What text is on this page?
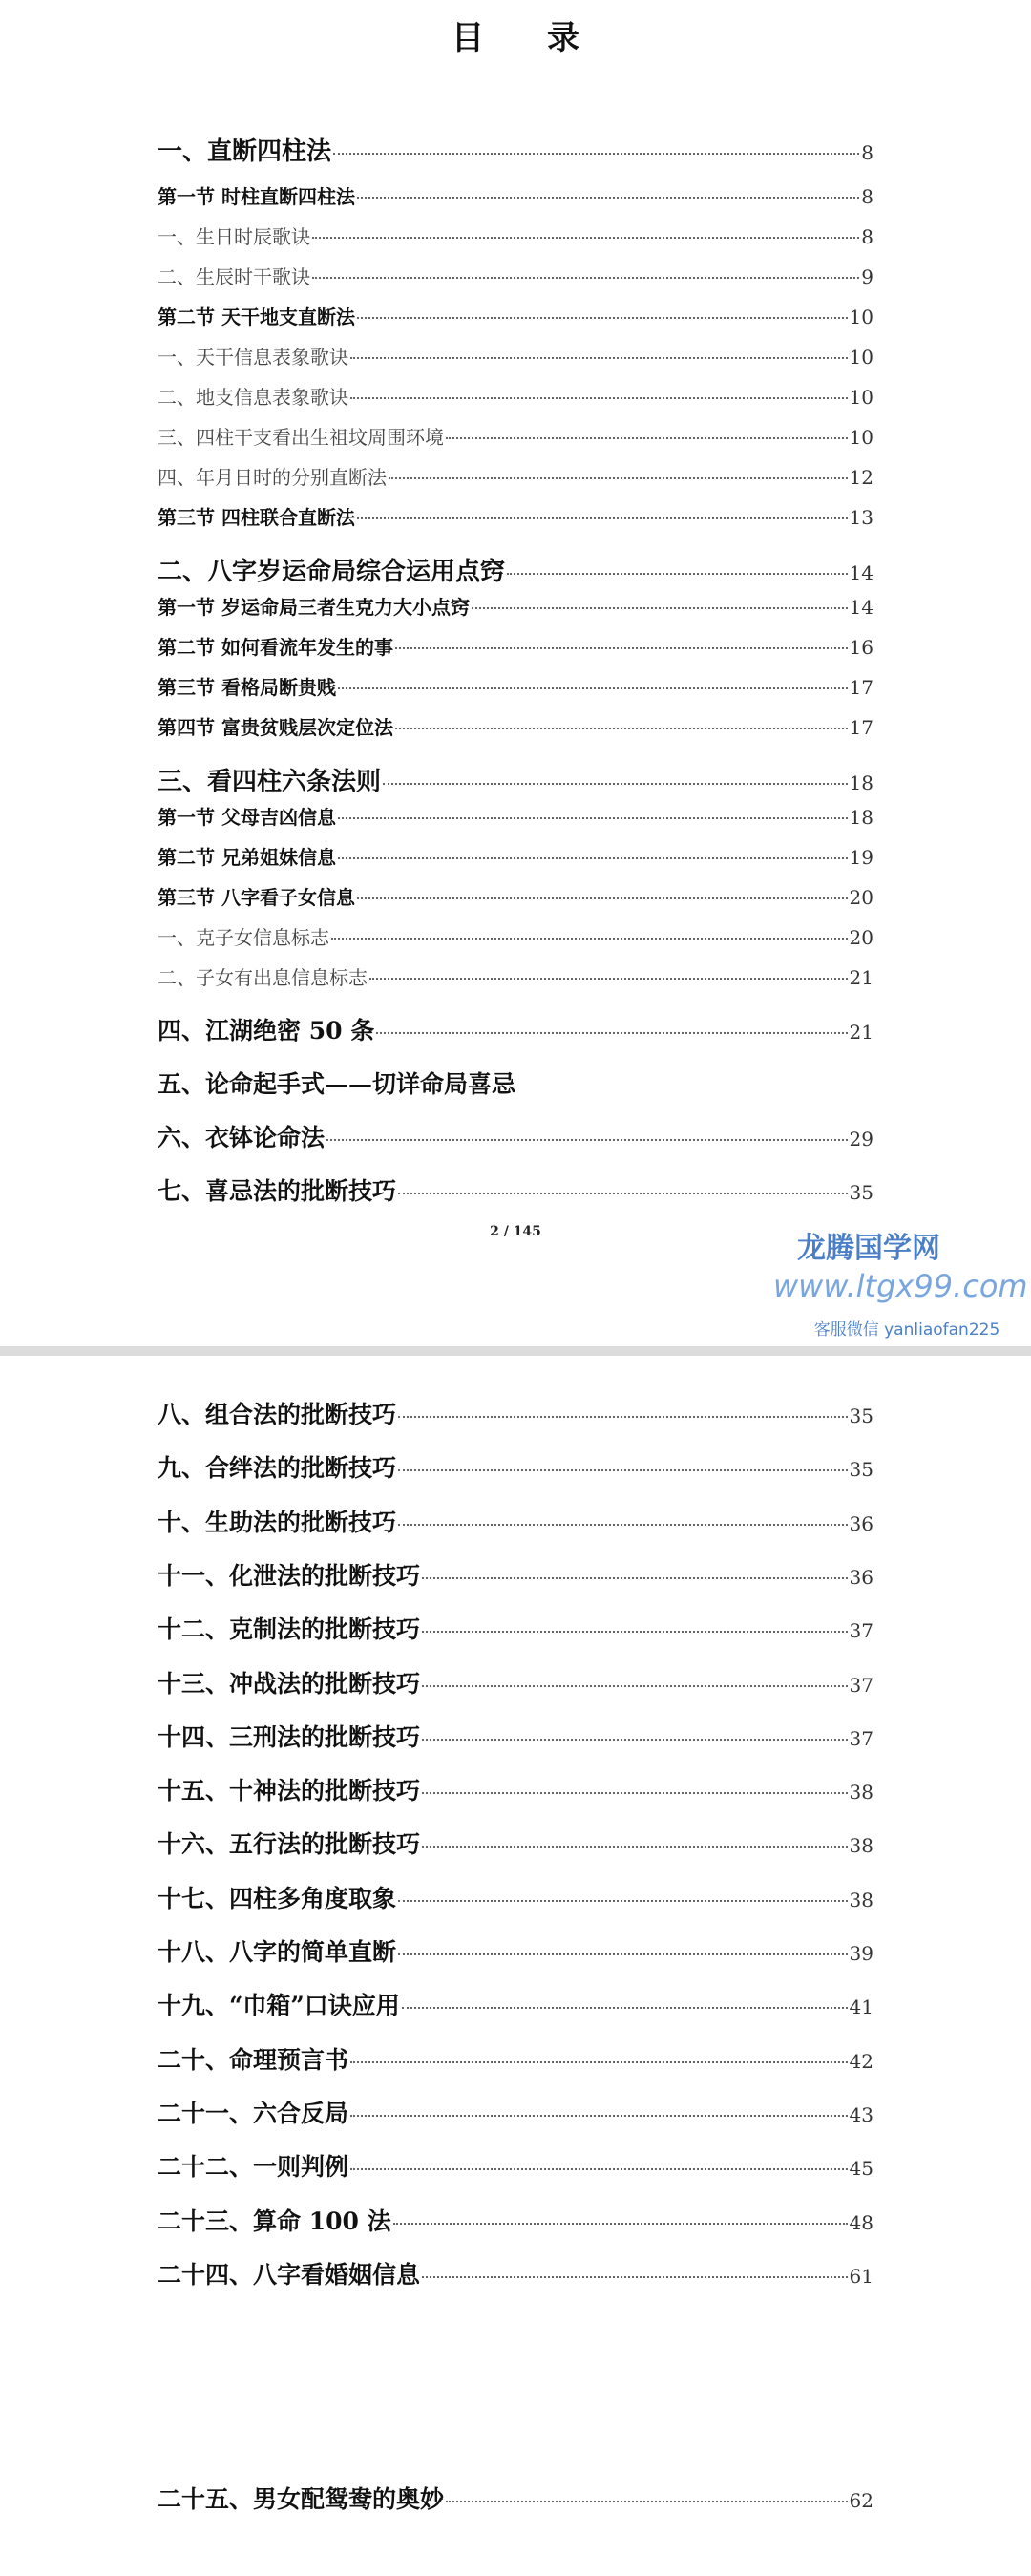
目 录
一、直断四柱法	8
第一节 时柱直断四柱法	8
一、生日时辰歌诀	8
二、生辰时干歌诀	9
第二节 天干地支直断法	10
一、天干信息表象歌诀	10
二、地支信息表象歌诀	10
三、四柱干支看出生祖坟周围环境	10
四、年月日时的分别直断法	12
第三节 四柱联合直断法	13
二、八字岁运命局综合运用点窍	14
第一节 岁运命局三者生克力大小点窍	14
第二节 如何看流年发生的事	16
第三节 看格局断贵贱	17
第四节 富贵贫贱层次定位法	17
三、看四柱六条法则	18
第一节 父母吉凶信息	18
第二节 兄弟姐妹信息	19
第三节 八字看子女信息	20
一、克子女信息标志	20
二、子女有出息信息标志	21
四、江湖绝密 50 条	21
五、论命起手式——切详命局喜忌
六、衣钵论命法	29
七、喜忌法的批断技巧	35
2 / 145	龙腾国学网
www.ltgx99.com
客服微信 yanliaofan225
八、组合法的批断技巧	35
九、合绊法的批断技巧	35
十、生助法的批断技巧	36
十一、化泄法的批断技巧	36
十二、克制法的批断技巧	37
十三、冲战法的批断技巧	37
十四、三刑法的批断技巧	37
十五、十神法的批断技巧	38
十六、五行法的批断技巧	38
十七、四柱多角度取象	38
十八、八字的简单直断	39
十九、“巾箱”口诀应用	41
二十、命理预言书	42
二十一、六合反局	43
二十二、一则判例	45
二十三、算命 100 法	48
二十四、八字看婚姻信息	61
二十五、男女配鸳鸯的奥妙	62
